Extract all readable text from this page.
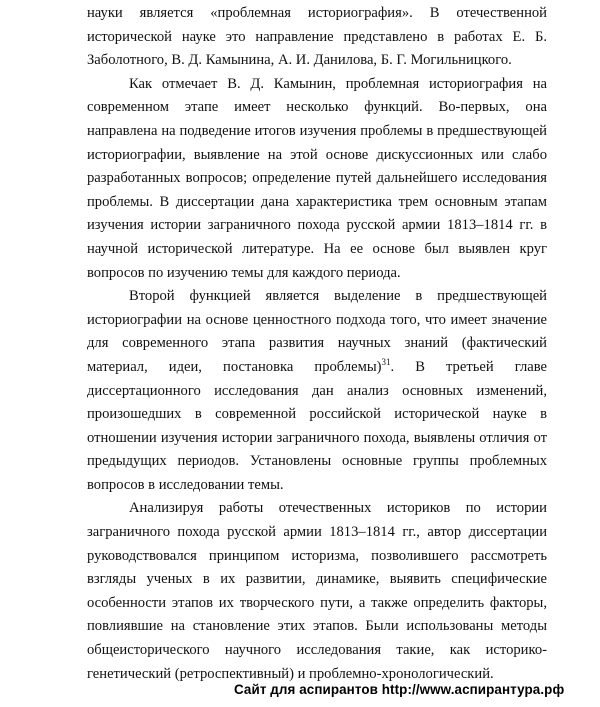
науки является «проблемная историография». В отечественной исторической науке это направление представлено в работах Е. Б. Заболотного, В. Д. Камынина, А. И. Данилова, Б. Г. Могильницкого.

Как отмечает В. Д. Камынин, проблемная историография на современном этапе имеет несколько функций. Во-первых, она направлена на подведение итогов изучения проблемы в предшествующей историографии, выявление на этой основе дискуссионных или слабо разработанных вопросов; определение путей дальнейшего исследования проблемы. В диссертации дана характеристика трем основным этапам изучения истории заграничного похода русской армии 1813–1814 гг. в научной исторической литературе. На ее основе был выявлен круг вопросов по изучению темы для каждого периода.

Второй функцией является выделение в предшествующей историографии на основе ценностного подхода того, что имеет значение для современного этапа развития научных знаний (фактический материал, идеи, постановка проблемы)$^{31}$. В третьей главе диссертационного исследования дан анализ основных изменений, произошедших в современной российской исторической науке в отношении изучения истории заграничного похода, выявлены отличия от предыдущих периодов. Установлены основные группы проблемных вопросов в исследовании темы.

Анализируя работы отечественных историков по истории заграничного похода русской армии 1813–1814 гг., автор диссертации руководствовался принципом историзма, позволившего рассмотреть взгляды ученых в их развитии, динамике, выявить специфические особенности этапов их творческого пути, а также определить факторы, повлиявшие на становление этих этапов. Были использованы методы общеисторического научного исследования такие, как историко-генетический (ретроспективный) и проблемно-хронологический.

Сайт для аспирантов http://www.аспирантура.рф
